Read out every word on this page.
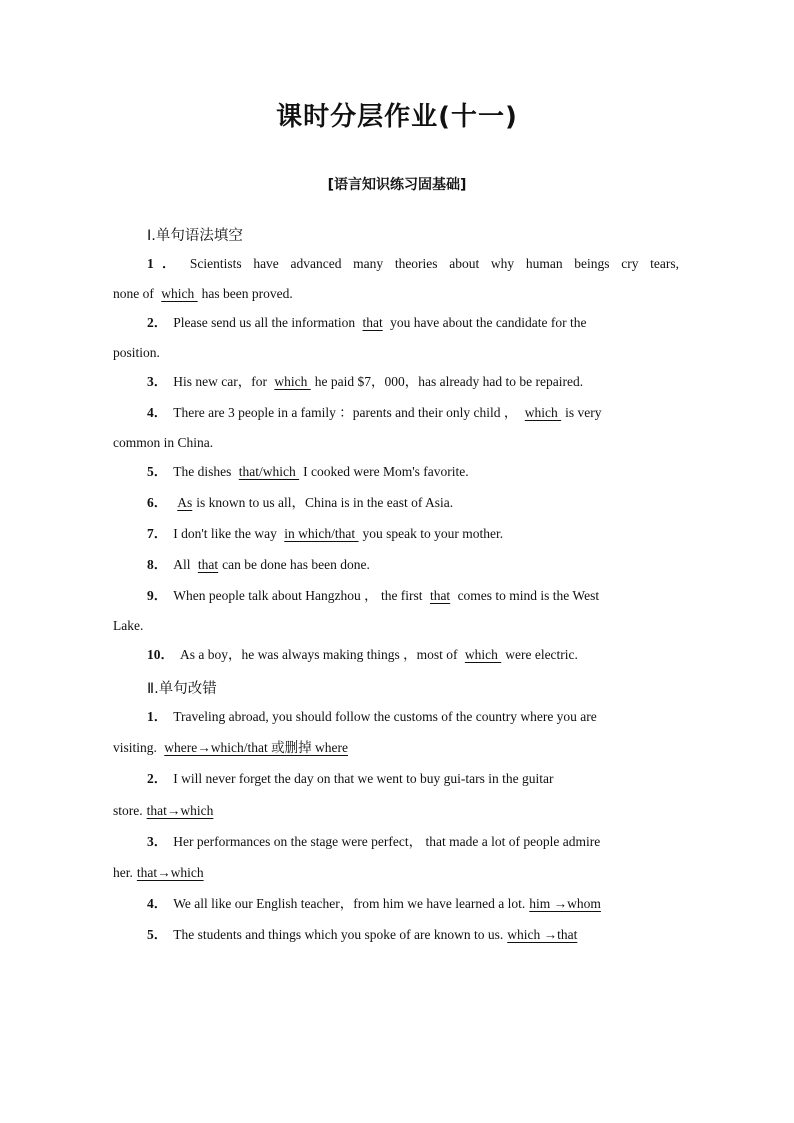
课时分层作业(十一)
[语言知识练习固基础]
Ⅰ.单句语法填空
1． Scientists have advanced many theories about why human beings cry tears,
none of which has been proved.
2． Please send us all the information that you have about the candidate for the
position.
3． His new car，for which he paid $7，000，has already had to be repaired.
4． There are 3 people in a family ：parents and their only child ， which is very
common in China.
5． The dishes that/which I cooked were Mom's favorite.
6． As is known to us all，China is in the east of Asia.
7． I don't like the way in which/that you speak to your mother.
8． All that can be done has been done.
9． When people talk about Hangzhou ， the first that comes to mind is the West
Lake.
10． As a boy，he was always making things ，most of which were electric.
Ⅱ.单句改错
1． Traveling abroad, you should follow the customs of the country where you are
visiting. where→which/that 或删掉 where
2． I will never forget the day on that we went to buy gui-tars in the guitar
store. that→which
3． Her performances on the stage were perfect， that made a lot of people admire
her. that→which
4． We all like our English teacher，from him we have learned a lot. him →whom
5． The students and things which you spoke of are known to us. which →that
